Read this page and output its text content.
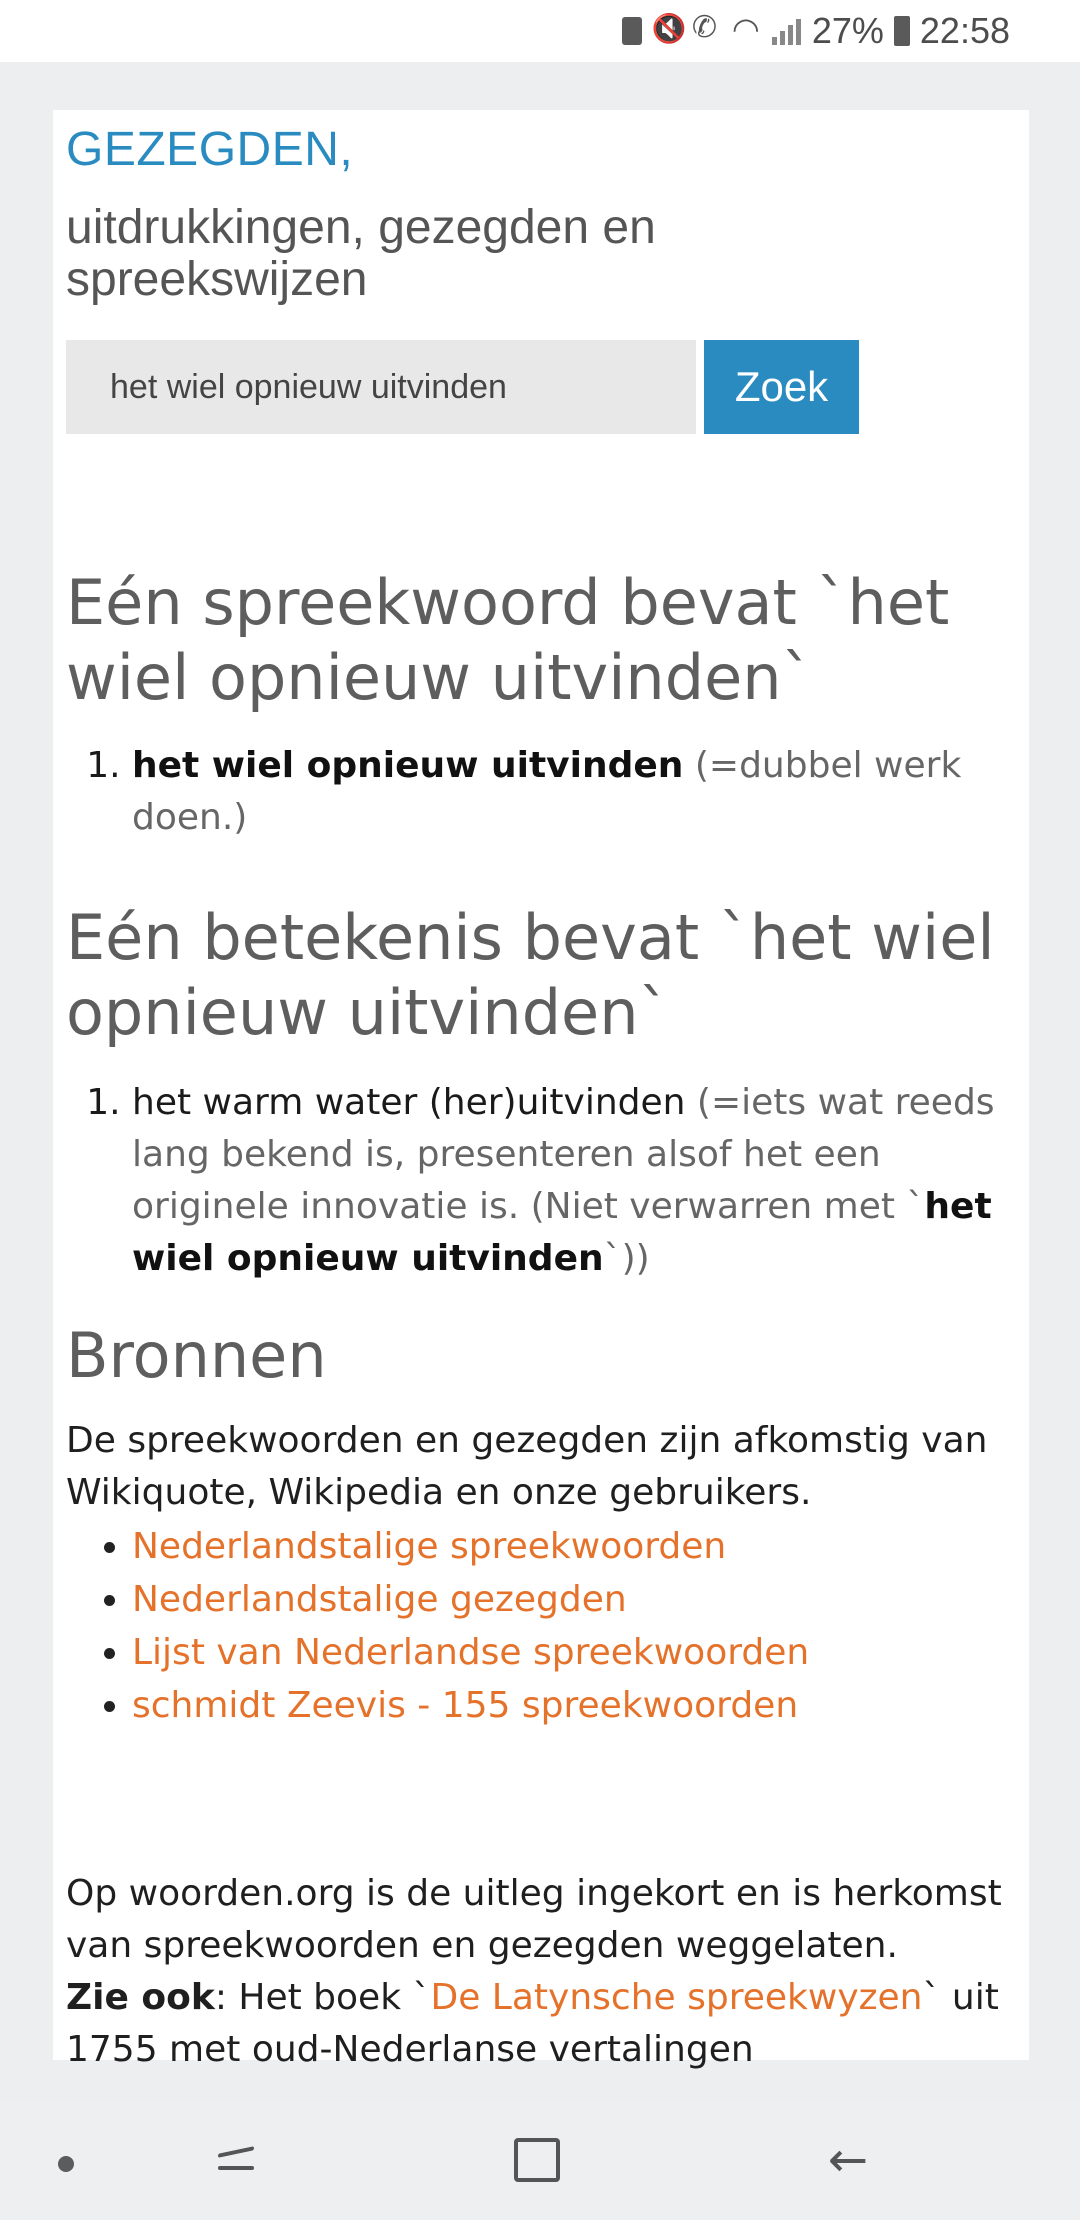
🔇
✆
◠
27% 22:58
GEZEGDEN,
uitdrukkingen, gezegden en spreekswijzen
het wiel opnieuw uitvinden
Zoek
Eén spreekwoord bevat `het wiel opnieuw uitvinden`
1. het wiel opnieuw uitvinden (=dubbel werk doen.)
Eén betekenis bevat `het wiel opnieuw uitvinden`
1. het warm water (her)uitvinden (=iets wat reeds lang bekend is, presenteren alsof het een originele innovatie is. (Niet verwarren met `het wiel opnieuw uitvinden`))
Bronnen

De spreekwoorden en gezegden zijn afkomstig van Wikiquote, Wikipedia en onze gebruikers.

• Nederlandstalige spreekwoorden
• Nederlandstalige gezegden
• Lijst van Nederlandse spreekwoorden
• schmidt Zeevis - 155 spreekwoorden

Op woorden.org is de uitleg ingekort en is herkomst van spreekwoorden en gezegden weggelaten.
Zie ook: Het boek `De Latynsche spreekwyzen` uit 1755 met oud-Nederlanse vertalingen

←
